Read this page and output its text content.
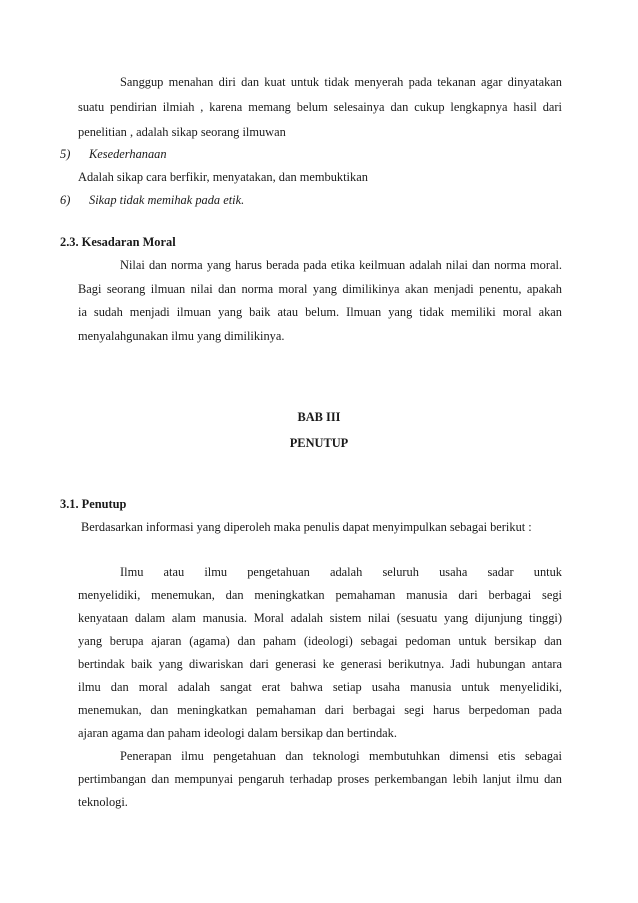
Sanggup menahan diri dan kuat untuk tidak menyerah pada tekanan agar dinyatakan
suatu pendirian ilmiah , karena memang belum selesainya dan cukup lengkapnya hasil dari
penelitian , adalah sikap seorang ilmuwan
5) Kesederhanaan
Adalah sikap cara berfikir, menyatakan, dan membuktikan
6) Sikap tidak memihak pada etik.
2.3. Kesadaran Moral
Nilai dan norma yang harus berada pada etika keilmuan adalah nilai dan norma moral.
Bagi seorang ilmuan nilai dan norma moral yang dimilikinya akan menjadi penentu, apakah
ia sudah menjadi ilmuan yang baik atau belum. Ilmuan yang tidak memiliki moral akan
menyalahgunakan ilmu yang dimilikinya.
BAB III
PENUTUP
3.1. Penutup
Berdasarkan informasi yang diperoleh maka penulis dapat menyimpulkan sebagai berikut :
Ilmu atau ilmu pengetahuan adalah seluruh usaha sadar untuk
menyelidiki, menemukan, dan meningkatkan pemahaman manusia dari berbagai segi
kenyataan dalam alam manusia. Moral adalah sistem nilai (sesuatu yang dijunjung tinggi)
yang berupa ajaran (agama) dan paham (ideologi) sebagai pedoman untuk bersikap dan
bertindak baik yang diwariskan dari generasi ke generasi berikutnya. Jadi hubungan antara
ilmu dan moral adalah sangat erat bahwa setiap usaha manusia untuk menyelidiki,
menemukan, dan meningkatkan pemahaman dari berbagai segi harus berpedoman pada
ajaran agama dan paham ideologi dalam bersikap dan bertindak.
Penerapan ilmu pengetahuan dan teknologi membutuhkan dimensi etis sebagai
pertimbangan dan mempunyai pengaruh terhadap proses perkembangan lebih lanjut ilmu dan
teknologi.
